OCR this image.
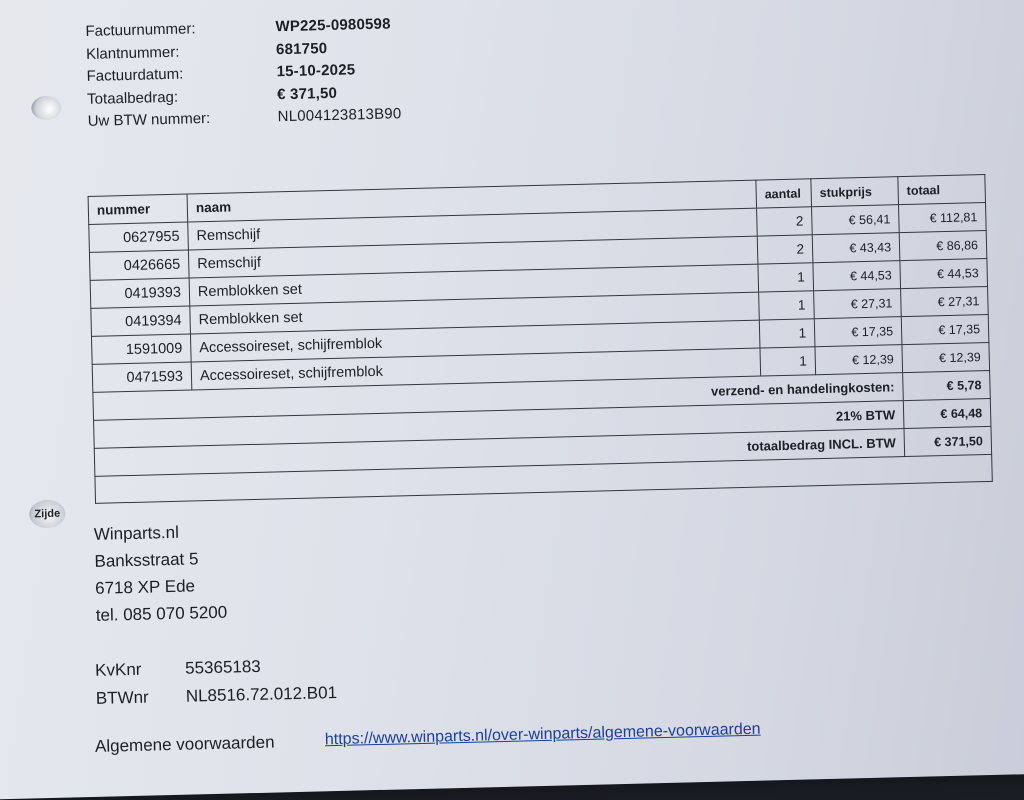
Factuurnummer:	WP225-0980598
Klantnummer:	681750
Factuurdatum:	15-10-2025
Totaalbedrag:	€ 371,50
Uw BTW nummer:	NL004123813B90
nummer	naam	aantal	stukprijs	totaal
0627955	Remschijf	2	€ 56,41	€ 112,81
0426665	Remschijf	2	€ 43,43	€ 86,86
0419393	Remblokken set	1	€ 44,53	€ 44,53
0419394	Remblokken set	1	€ 27,31	€ 27,31
1591009	Accessoireset, schijfremblok	1	€ 17,35	€ 17,35
0471593	Accessoireset, schijfremblok	1	€ 12,39	€ 12,39
verzend- en handelingkosten:				€ 5,78
21% BTW				€ 64,48
totaalbedrag INCL. BTW				€ 371,50

Zijde
Winparts.nl
Banksstraat 5
6718 XP Ede
tel. 085 070 5200
KvKnr	55365183
BTWnr	NL8516.72.012.B01
Algemene voorwaarden	https://www.winparts.nl/over-winparts/algemene-voorwaarden
